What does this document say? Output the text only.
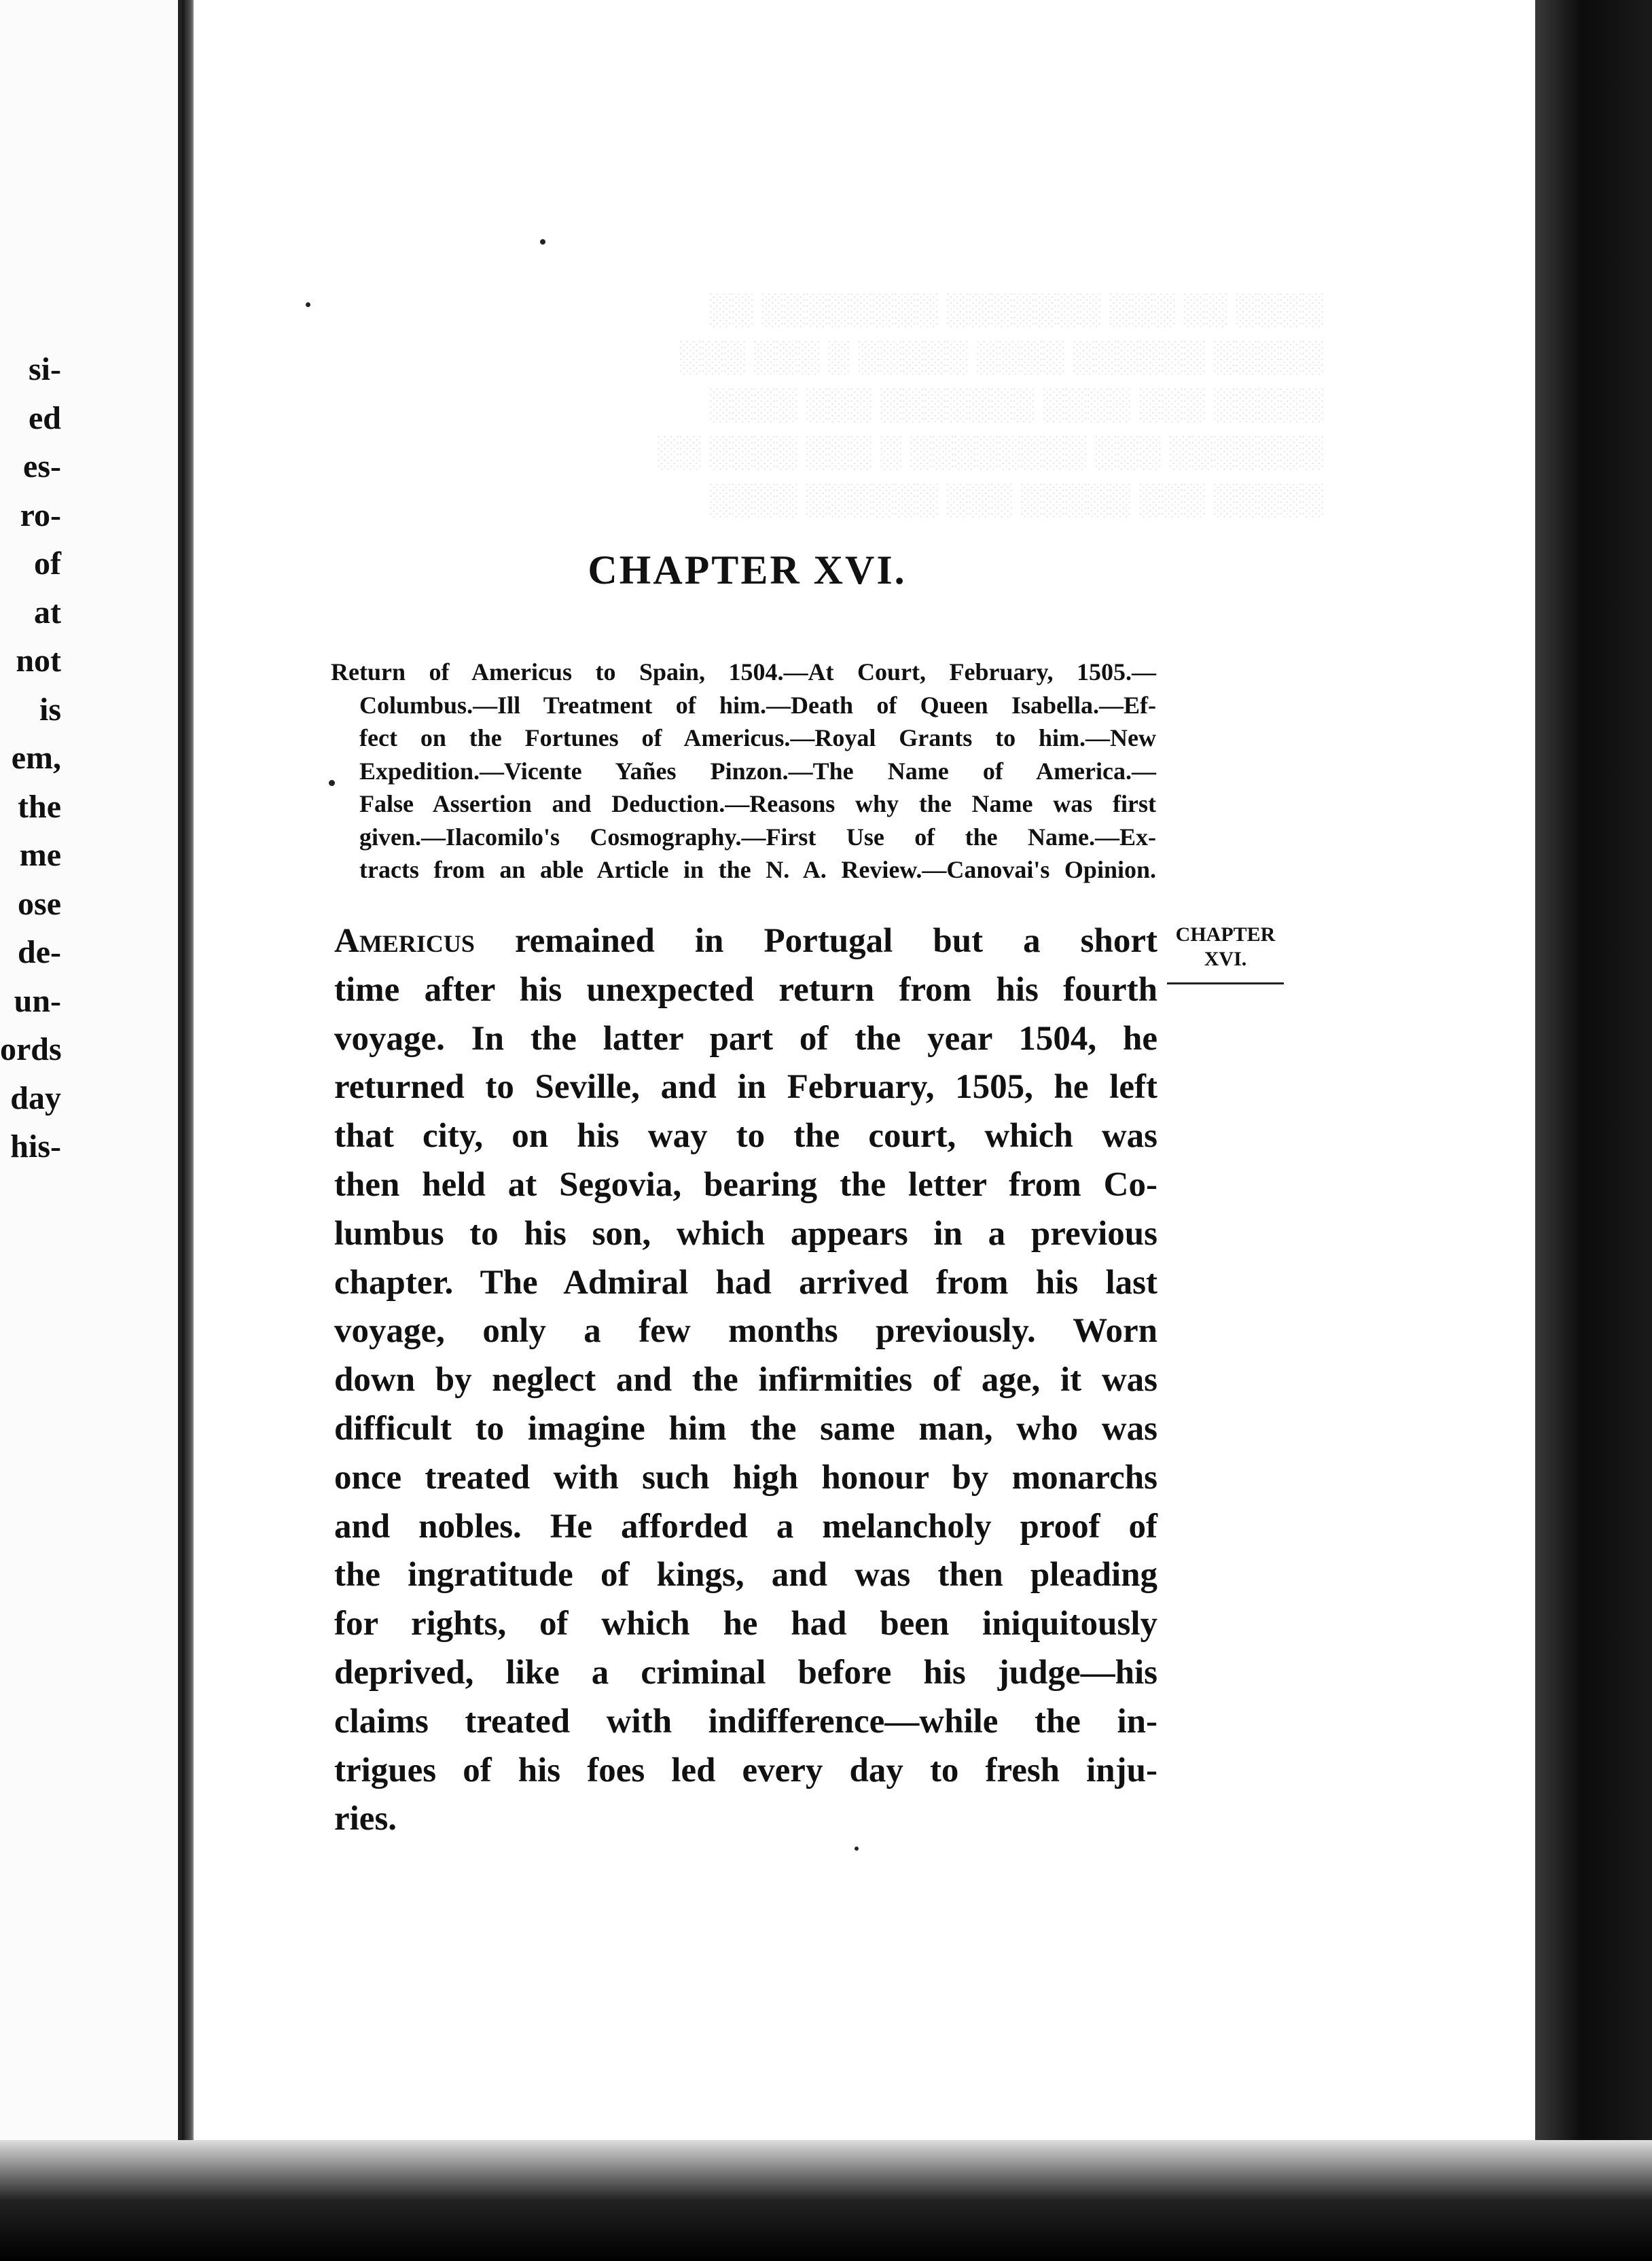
si-
ed
es-
ro-
of
at
not
is
em,
the
me
ose
de-
un-
ords
day
his-

CHAPTER XVI.
Return of Americus to Spain, 1504.—At Court, February, 1505.—
Columbus.—Ill Treatment of him.—Death of Queen Isabella.—Ef-
fect on the Fortunes of Americus.—Royal Grants to him.—New
Expedition.—Vicente Yañes Pinzon.—The Name of America.—
False Assertion and Deduction.—Reasons why the Name was first
given.—Ilacomilo's Cosmography.—First Use of the Name.—Ex-
tracts from an able Article in the N. A. Review.—Canovai's Opinion.
Americus remained in Portugal but a short
time after his unexpected return from his fourth
voyage. In the latter part of the year 1504, he
returned to Seville, and in February, 1505, he left
that city, on his way to the court, which was
then held at Segovia, bearing the letter from Co-
lumbus to his son, which appears in a previous
chapter. The Admiral had arrived from his last
voyage, only a few months previously. Worn
down by neglect and the infirmities of age, it was
difficult to imagine him the same man, who was
once treated with such high honour by monarchs
and nobles. He afforded a melancholy proof of
the ingratitude of kings, and was then pleading
for rights, of which he had been iniquitously
deprived, like a criminal before his judge—his
claims treated with indifference—while the in-
trigues of his foes led every day to fresh inju-
ries.
CHAPTER
XVI.
